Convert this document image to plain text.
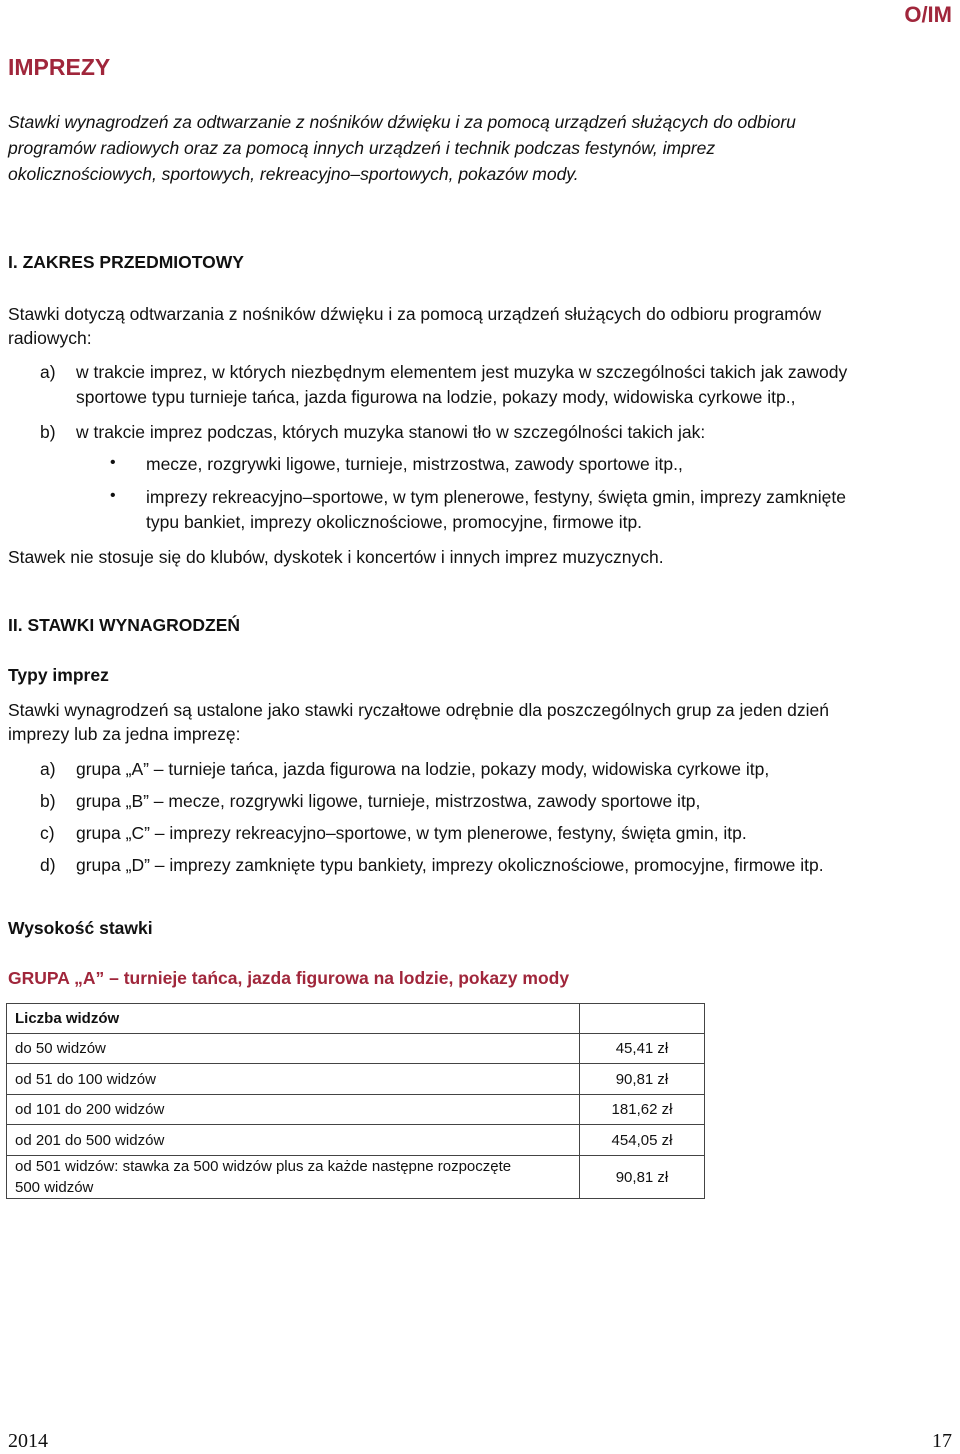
O/IM
IMPREZY
Stawki wynagrodzeń za odtwarzanie z nośników dźwięku i za pomocą urządzeń służących do odbioru
programów radiowych oraz za pomocą innych urządzeń i technik podczas festynów, imprez
okolicznościowych, sportowych, rekreacyjno–sportowych, pokazów mody.
I. ZAKRES PRZEDMIOTOWY
Stawki dotyczą odtwarzania z nośników dźwięku i za pomocą urządzeń służących do odbioru programów
radiowych:
a)	w trakcie imprez, w których niezbędnym elementem jest muzyka w szczególności takich jak zawody
sportowe typu turnieje tańca, jazda figurowa na lodzie, pokazy mody, widowiska cyrkowe itp.,
b)	w trakcie imprez podczas, których muzyka stanowi tło w szczególności takich jak:
• mecze, rozgrywki ligowe, turnieje, mistrzostwa, zawody sportowe itp.,
• imprezy rekreacyjno–sportowe, w tym plenerowe, festyny, święta gmin, imprezy zamknięte
typu bankiet, imprezy okolicznościowe, promocyjne, firmowe itp.
Stawek nie stosuje się do klubów, dyskotek i koncertów i innych imprez muzycznych.
II. STAWKI WYNAGRODZEŃ
Typy imprez
Stawki wynagrodzeń są ustalone jako stawki ryczałtowe odrębnie dla poszczególnych grup za jeden dzień
imprezy lub za jedna imprezę:
a)	grupa „A” – turnieje tańca, jazda figurowa na lodzie, pokazy mody, widowiska cyrkowe itp,
b)	grupa „B” – mecze, rozgrywki ligowe, turnieje, mistrzostwa, zawody sportowe itp,
c)	grupa „C” – imprezy rekreacyjno–sportowe, w tym plenerowe, festyny, święta gmin, itp.
d)	grupa „D” – imprezy zamknięte typu bankiety, imprezy okolicznościowe, promocyjne, firmowe itp.
Wysokość stawki
GRUPA „A” – turnieje tańca, jazda figurowa na lodzie, pokazy mody
Liczba widzów	
do 50 widzów	45,41 zł
od 51 do 100 widzów	90,81 zł
od 101 do 200 widzów	181,62 zł
od 201 do 500 widzów	454,05 zł

od 501 widzów: stawka za 500 widzów plus za każde następne rozpoczęte
500 widzów	90,81 zł
2014	17
